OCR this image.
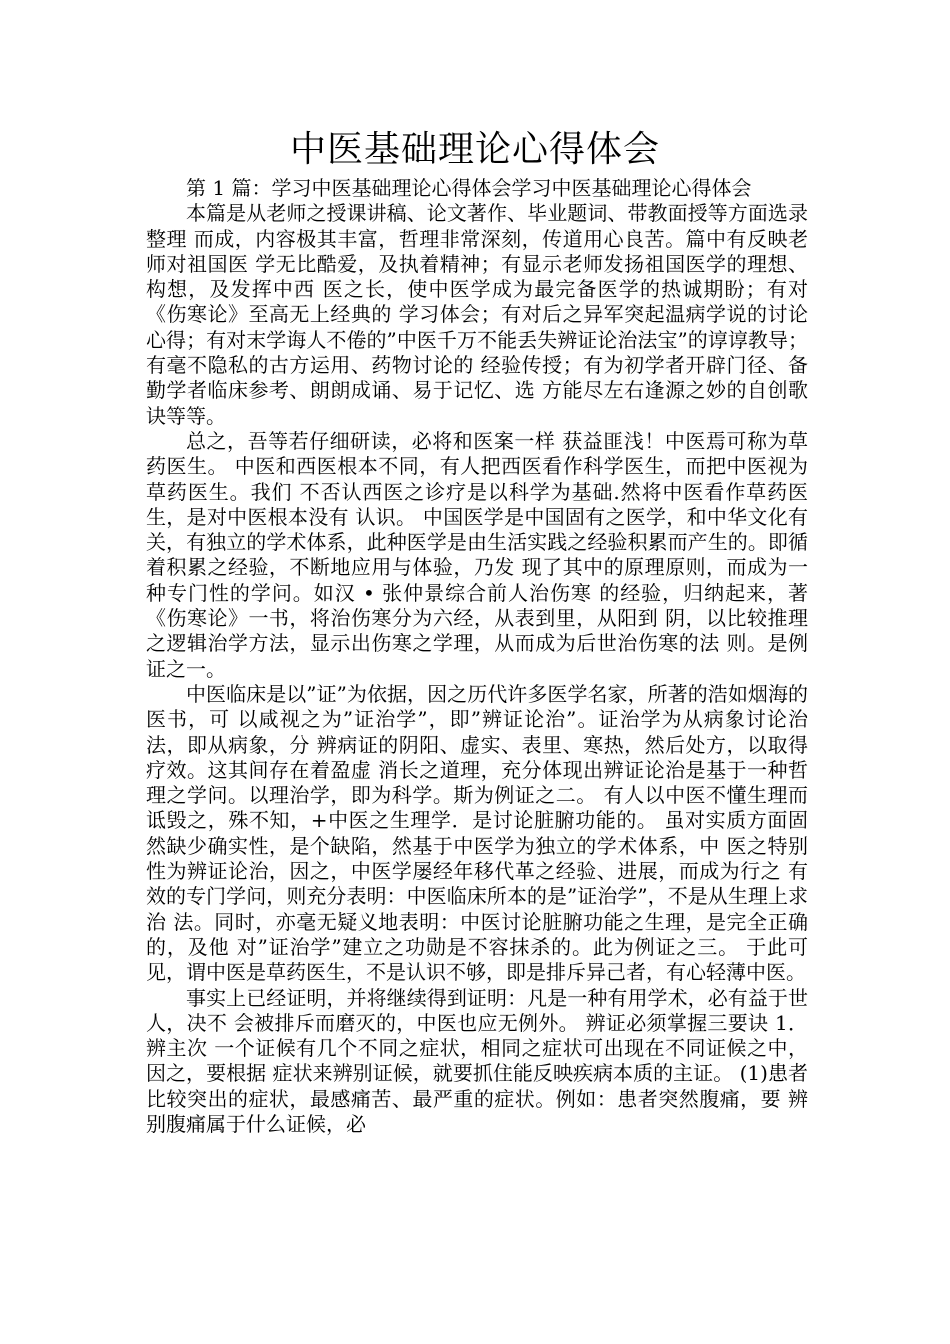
中医基础理论心得体会

第 1 篇：学习中医基础理论心得体会学习中医基础理论心得体会

本篇是从老师之授课讲稿、论文著作、毕业题词、带教面授等方面选录整理 而成，内容极其丰富，哲理非常深刻，传道用心良苦。篇中有反映老师对祖国医 学无比酷爱，及执着精神；有显示老师发扬祖国医学的理想、构想，及发挥中西 医之长，使中医学成为最完备医学的热诚期盼；有对《伤寒论》至高无上经典的 学习体会；有对后之异军突起温病学说的讨论心得；有对末学诲人不倦的”中医千万不能丢失辨证论治法宝”的谆谆教导；有毫不隐私的古方运用、药物讨论的 经验传授；有为初学者开辟门径、备勤学者临床参考、朗朗成诵、易于记忆、选 方能尽左右逢源之妙的自创歌诀等等。

总之，吾等若仔细研读，必将和医案一样 获益匪浅！中医焉可称为草药医生。 中医和西医根本不同，有人把西医看作科学医生，而把中医视为草药医生。我们 不否认西医之诊疗是以科学为基础.然将中医看作草药医生，是对中医根本没有 认识。 中国医学是中国固有之医学，和中华文化有关，有独立的学术体系，此种医学是由生活实践之经验积累而产生的。即循着积累之经验，不断地应用与体验，乃发 现了其中的原理原则，而成为一种专门性的学问。如汉 • 张仲景综合前人治伤寒 的经验，归纳起来，著《伤寒论》一书，将治伤寒分为六经，从表到里，从阳到 阴，以比较推理之逻辑治学方法，显示出伤寒之学理，从而成为后世治伤寒的法 则。是例证之一。

中医临床是以”证”为依据，因之历代许多医学名家，所著的浩如烟海的医书，可 以咸视之为”证治学”，即”辨证论治”。证治学为从病象讨论治法，即从病象，分 辨病证的阴阳、虚实、表里、寒热，然后处方，以取得疗效。这其间存在着盈虚 消长之道理，充分体现出辨证论治是基于一种哲理之学问。以理治学，即为科学。斯为例证之二。 有人以中医不懂生理而诋毁之，殊不知，+中医之生理学．是讨论脏腑功能的。 虽对实质方面固然缺少确实性，是个缺陷，然基于中医学为独立的学术体系，中 医之特别性为辨证论治，因之，中医学屡经年移代革之经验、进展，而成为行之 有效的专门学问，则充分表明：中医临床所本的是”证治学”，不是从生理上求治 法。同时，亦毫无疑义地表明：中医讨论脏腑功能之生理，是完全正确的，及他 对”证治学”建立之功勋是不容抹杀的。此为例证之三。 于此可见，谓中医是草药医生，不是认识不够，即是排斥异己者，有心轻薄中医。

事实上已经证明，并将继续得到证明：凡是一种有用学术，必有益于世人，决不 会被排斥而磨灭的，中医也应无例外。 辨证必须掌握三要诀 1．辨主次 一个证候有几个不同之症状，相同之症状可出现在不同证候之中，因之，要根据 症状来辨别证候，就要抓住能反映疾病本质的主证。 (1)患者比较突出的症状，最感痛苦、最严重的症状。例如：患者突然腹痛，要 辨别腹痛属于什么证候，必
